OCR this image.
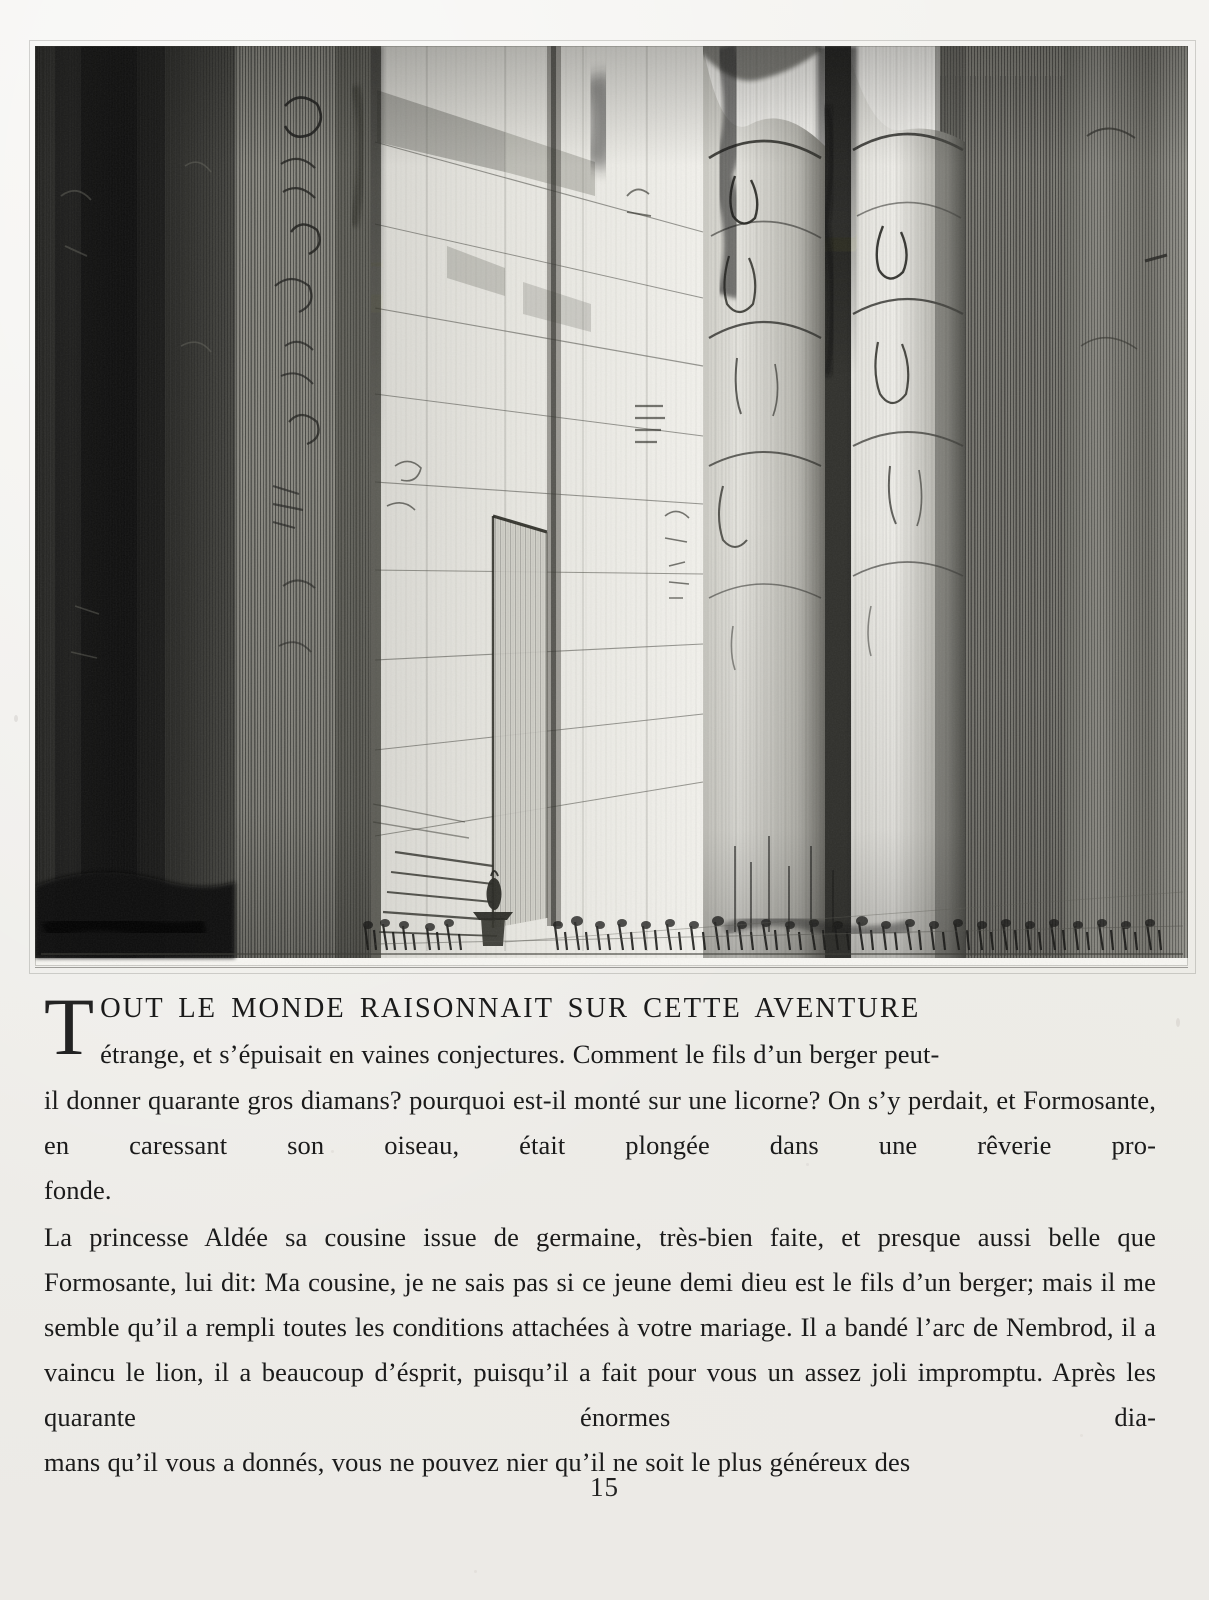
T OUT LE MONDE RAISONNAIT SUR CETTE AVENTURE
étrange, et s’épuisait en vaines conjectures. Comment le fils d’un berger peut-
il donner quarante gros diamans? pourquoi est-il monté sur une licorne? On s’y perdait, et Formosante, en caressant son oiseau, était plongée dans une rêverie pro-
fonde.
La princesse Aldée sa cousine issue de germaine, très-bien faite, et presque aussi belle que Formosante, lui dit: Ma cousine, je ne sais pas si ce jeune demi dieu est le fils d’un berger; mais il me semble qu’il a rempli toutes les conditions attachées à votre mariage. Il a bandé l’arc de Nembrod, il a vaincu le lion, il a beaucoup d’ésprit, puisqu’il a fait pour vous un assez joli impromptu. Après les quarante énormes dia-
mans qu’il vous a donnés, vous ne pouvez nier qu’il ne soit le plus généreux des
15
